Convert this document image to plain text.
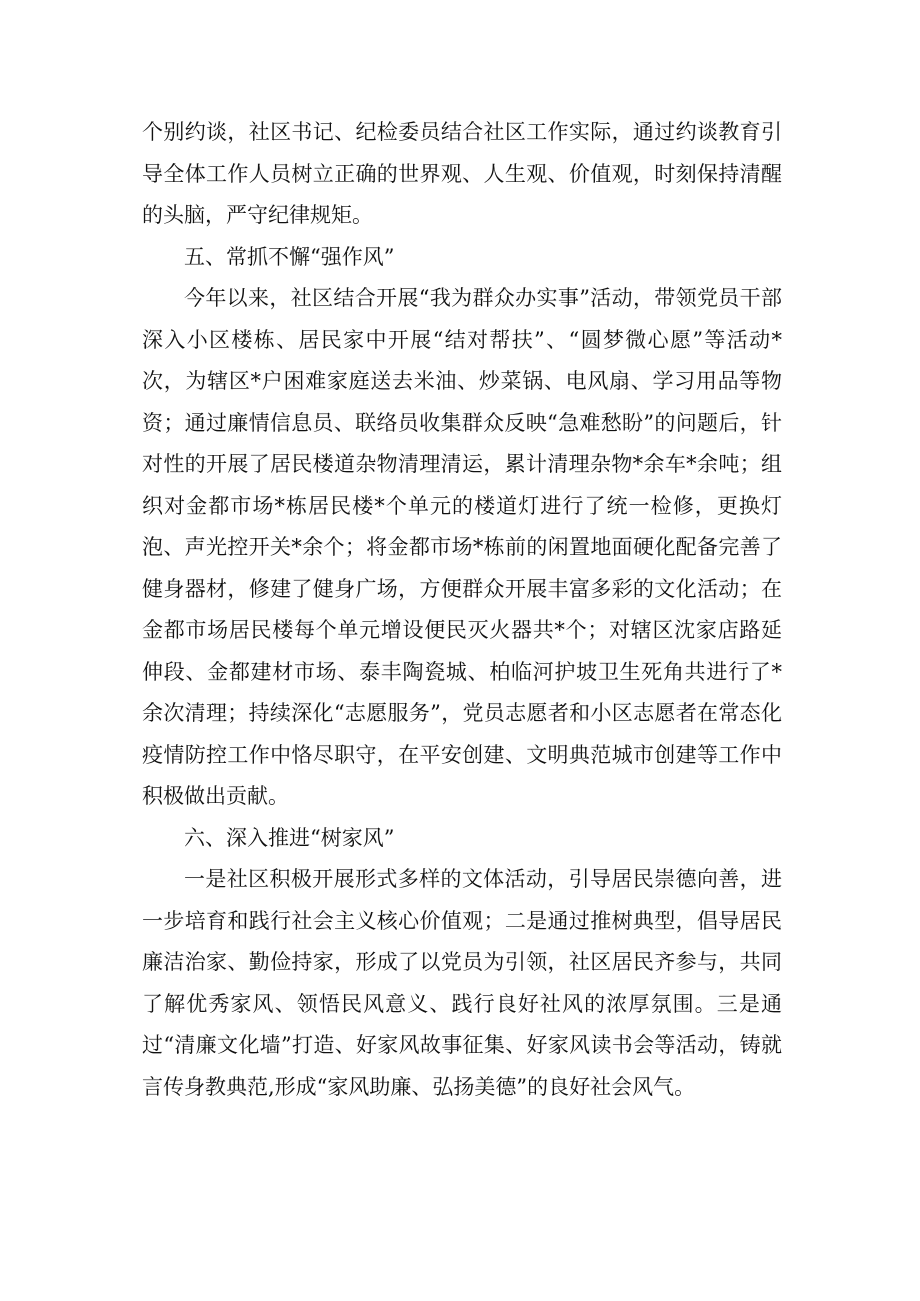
个别约谈，社区书记、纪检委员结合社区工作实际，通过约谈教育引导全体工作人员树立正确的世界观、人生观、价值观，时刻保持清醒的头脑，严守纪律规矩。

五、常抓不懈“强作风”

今年以来，社区结合开展“我为群众办实事”活动，带领党员干部深入小区楼栋、居民家中开展“结对帮扶”、“圆梦微心愿”等活动*次，为辖区*户困难家庭送去米油、炒菜锅、电风扇、学习用品等物资；通过廉情信息员、联络员收集群众反映“急难愁盼”的问题后，针对性的开展了居民楼道杂物清理清运，累计清理杂物*余车*余吨；组织对金都市场*栋居民楼*个单元的楼道灯进行了统一检修，更换灯泡、声光控开关*余个；将金都市场*栋前的闲置地面硬化配备完善了健身器材，修建了健身广场，方便群众开展丰富多彩的文化活动；在金都市场居民楼每个单元增设便民灭火器共*个；对辖区沈家店路延伸段、金都建材市场、泰丰陶瓷城、柏临河护坡卫生死角共进行了*余次清理；持续深化“志愿服务”，党员志愿者和小区志愿者在常态化疫情防控工作中恪尽职守，在平安创建、文明典范城市创建等工作中积极做出贡献。

六、深入推进“树家风”

一是社区积极开展形式多样的文体活动，引导居民崇德向善，进一步培育和践行社会主义核心价值观；二是通过推树典型，倡导居民廉洁治家、勤俭持家，形成了以党员为引领，社区居民齐参与，共同了解优秀家风、领悟民风意义、践行良好社风的浓厚氛围。三是通过“清廉文化墙”打造、好家风故事征集、好家风读书会等活动，铸就言传身教典范,形成“家风助廉、弘扬美德”的良好社会风气。
